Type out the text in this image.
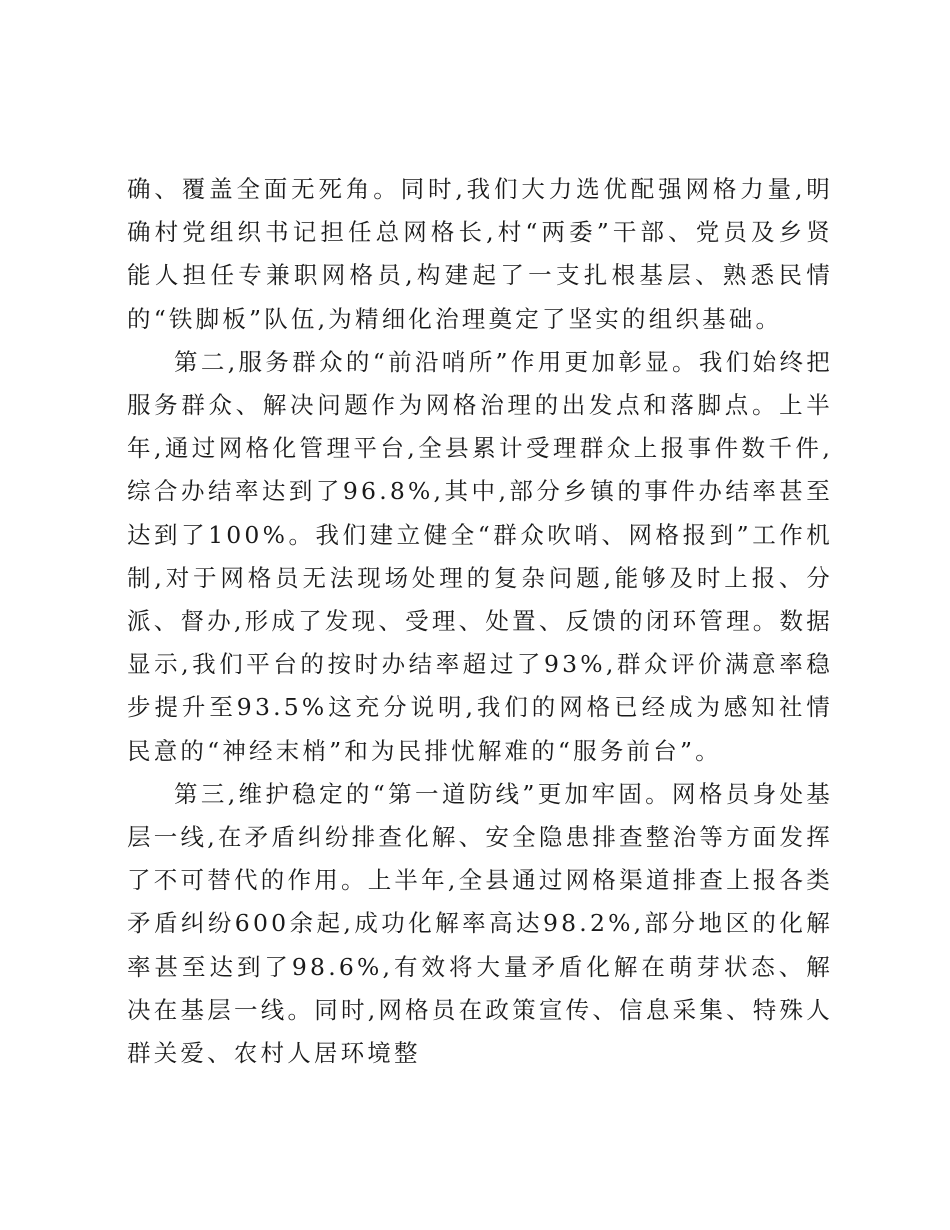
确、覆盖全面无死角。同时,我们大力选优配强网格力量,明确村党组织书记担任总网格长,村“两委”干部、党员及乡贤能人担任专兼职网格员,构建起了一支扎根基层、熟悉民情的“铁脚板”队伍,为精细化治理奠定了坚实的组织基础。

第二,服务群众的“前沿哨所”作用更加彰显。我们始终把服务群众、解决问题作为网格治理的出发点和落脚点。上半年,通过网格化管理平台,全县累计受理群众上报事件数千件,综合办结率达到了96.8%,其中,部分乡镇的事件办结率甚至达到了100%。我们建立健全“群众吹哨、网格报到”工作机制,对于网格员无法现场处理的复杂问题,能够及时上报、分派、督办,形成了发现、受理、处置、反馈的闭环管理。数据显示,我们平台的按时办结率超过了93%,群众评价满意率稳步提升至93.5%这充分说明,我们的网格已经成为感知社情民意的“神经末梢”和为民排忧解难的“服务前台”。

第三,维护稳定的“第一道防线”更加牢固。网格员身处基层一线,在矛盾纠纷排查化解、安全隐患排查整治等方面发挥了不可替代的作用。上半年,全县通过网格渠道排查上报各类矛盾纠纷600余起,成功化解率高达98.2%,部分地区的化解率甚至达到了98.6%,有效将大量矛盾化解在萌芽状态、解决在基层一线。同时,网格员在政策宣传、信息采集、特殊人群关爱、农村人居环境整
